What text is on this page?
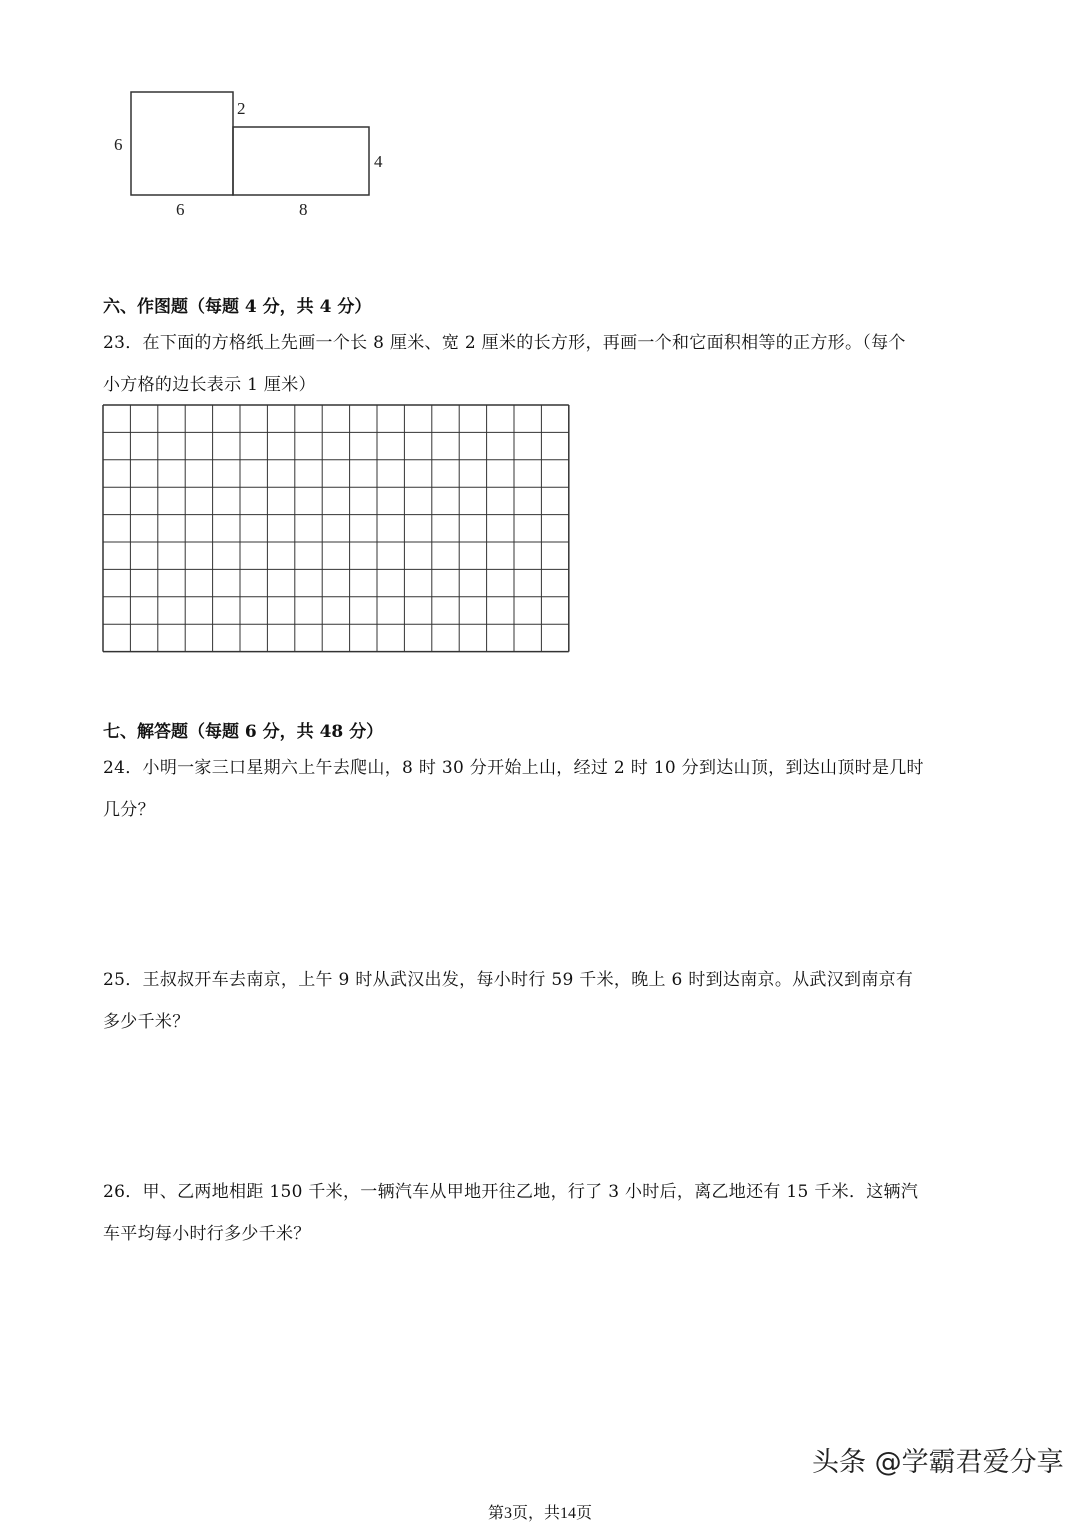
6
2
4
6	8
六、作图题（每题 4 分，共 4 分）
23．在下面的方格纸上先画一个长 8 厘米、宽 2 厘米的长方形，再画一个和它面积相等的正方形。（每个
小方格的边长表示 1 厘米）
七、解答题（每题 6 分，共 48 分）
24．小明一家三口星期六上午去爬山，8 时 30 分开始上山，经过 2 时 10 分到达山顶，到达山顶时是几时
几分？
25．王叔叔开车去南京，上午 9 时从武汉出发，每小时行 59 千米，晚上 6 时到达南京。从武汉到南京有
多少千米？
26．甲、乙两地相距 150 千米，一辆汽车从甲地开往乙地，行了 3 小时后，离乙地还有 15 千米．这辆汽
车平均每小时行多少千米？
头条 @学霸君爱分享
第3页，共14页
